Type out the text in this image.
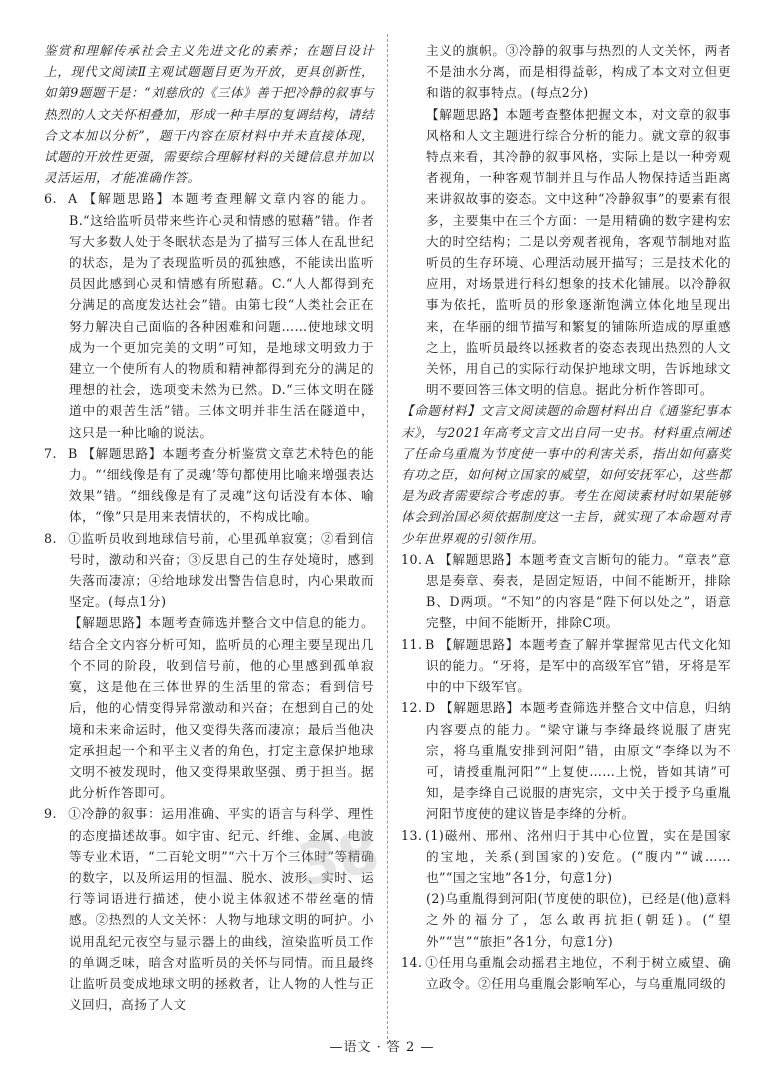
鉴赏和理解传承社会主义先进文化的素养；在题目设计上，现代文阅读Ⅱ主观试题题目更为开放，更具创新性，如第9题题干是：“刘慈欣的《三体》善于把冷静的叙事与热烈的人文关怀相叠加，形成一种丰厚的复调结构，请结合文本加以分析”，题干内容在原材料中并未直接体现，试题的开放性更强，需要综合理解材料的关键信息并加以灵活运用，才能准确作答。

6. A 【解题思路】本题考查理解文章内容的能力。B.“这给监听员带来些许心灵和情感的慰藉”错。作者写大多数人处于冬眠状态是为了描写三体人在乱世纪的状态，是为了表现监听员的孤独感，不能读出监听员因此感到心灵和情感有所慰藉。C.“人人都得到充分满足的高度发达社会”错。由第七段“人类社会正在努力解决自己面临的各种困难和问题……使地球文明成为一个更加完美的文明”可知，是地球文明致力于建立一个使所有人的物质和精神都得到充分的满足的理想的社会，选项变未然为已然。D.“三体文明在隧道中的艰苦生活”错。三体文明并非生活在隧道中，这只是一种比喻的说法。

7. B 【解题思路】本题考查分析鉴赏文章艺术特色的能力。“‘细线像是有了灵魂’等句都使用比喻来增强表达效果”错。“细线像是有了灵魂”这句话没有本体、喻体，“像”只是用来表情状的，不构成比喻。

8. ①监听员收到地球信号前，心里孤单寂寞；②看到信号时，激动和兴奋；③反思自己的生存处境时，感到失落而凄凉；④给地球发出警告信息时，内心果敢而坚定。(每点1分)

【解题思路】本题考查筛选并整合文中信息的能力。结合全文内容分析可知，监听员的心理主要呈现出几个不同的阶段，收到信号前，他的心里感到孤单寂寞，这是他在三体世界的生活里的常态；看到信号后，他的心情变得异常激动和兴奋；在想到自己的处境和未来命运时，他又变得失落而凄凉；最后当他决定承担起一个和平主义者的角色，打定主意保护地球文明不被发现时，他又变得果敢坚强、勇于担当。据此分析作答即可。

9. ①冷静的叙事：运用准确、平实的语言与科学、理性的态度描述故事。如宇宙、纪元、纤维、金属、电波等专业术语，“二百轮文明”“六十万个三体时”等精确的数字，以及所运用的恒温、脱水、波形、实时、运行等词语进行描述，使小说主体叙述不带丝毫的情感。②热烈的人文关怀：人物与地球文明的呵护。小说用乱纪元夜空与显示器上的曲线，渲染监听员工作的单调乏味，暗含对监听员的关怀与同情。而且最终让监听员变成地球文明的拯救者，让人物的人性与正义回归，高扬了人文

主义的旗帜。③冷静的叙事与热烈的人文关怀，两者不是油水分离，而是相得益彰，构成了本文对立但更和谐的叙事特点。(每点2分)

【解题思路】本题考查整体把握文本，对文章的叙事风格和人文主题进行综合分析的能力。就文章的叙事特点来看，其冷静的叙事风格，实际上是以一种旁观者视角，一种客观节制并且与作品人物保持适当距离来讲叙故事的姿态。文中这种“冷静叙事”的要素有很多，主要集中在三个方面：一是用精确的数字建构宏大的时空结构；二是以旁观者视角，客观节制地对监听员的生存环境、心理活动展开描写；三是技术化的应用，对场景进行科幻想象的技术化铺展。以冷静叙事为依托，监听员的形象逐渐饱满立体化地呈现出来，在华丽的细节描写和繁复的铺陈所造成的厚重感之上，监听员最终以拯救者的姿态表现出热烈的人文关怀，用自己的实际行动保护地球文明，告诉地球文明不要回答三体文明的信息。据此分析作答即可。

【命题材料】文言文阅读题的命题材料出自《通鉴纪事本末》，与2021年高考文言文出自同一史书。材料重点阐述了任命乌重胤为节度使一事中的利害关系，指出如何嘉奖有功之臣，如何树立国家的威望，如何安抚军心，这些都是为政者需要综合考虑的事。考生在阅读素材时如果能够体会到治国必须依据制度这一主旨，就实现了本命题对青少年世界观的引领作用。

10. A 【解题思路】本题考查文言断句的能力。“章表”意思是奏章、奏表，是固定短语，中间不能断开，排除B、D两项。“不知”的内容是“陛下何以处之”，语意完整，中间不能断开，排除C项。

11. B 【解题思路】本题考查了解并掌握常见古代文化知识的能力。“牙将，是军中的高级军官”错，牙将是军中的中下级军官。

12. D 【解题思路】本题考查筛选并整合文中信息，归纳内容要点的能力。“梁守谦与李绛最终说服了唐宪宗，将乌重胤安排到河阳”错，由原文“李绛以为不可，请授重胤河阳”“上复使……上悦，皆如其请”可知，是李绛自己说服的唐宪宗，文中关于授予乌重胤河阳节度使的建议皆是李绛的分析。

13. (1)磁州、邢州、洺州归于其中心位置，实在是国家的宝地，关系(到国家的)安危。(“腹内”“诚……也”“国之宝地”各1分，句意1分)

(2)乌重胤得到河阳(节度使的职位)，已经是(他)意料之外的福分了，怎么敢再抗拒(朝廷)。(“望外”“岂”“旅拒”各1分，句意1分)

14. ①任用乌重胤会动摇君主地位，不利于树立威望、确立政令。②任用乌重胤会影响军心，与乌重胤同级的

38
—语文 · 答 2 —
